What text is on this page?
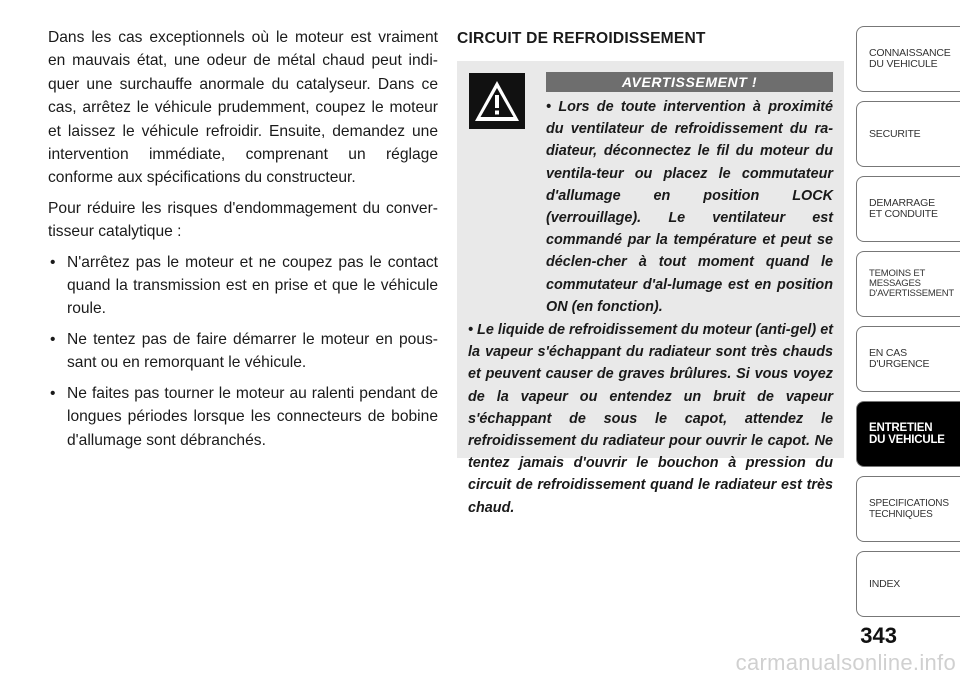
Dans les cas exceptionnels où le moteur est vraiment en mauvais état, une odeur de métal chaud peut indi-quer une surchauffe anormale du catalyseur. Dans ce cas, arrêtez le véhicule prudemment, coupez le moteur et laissez le véhicule refroidir. Ensuite, demandez une intervention immédiate, comprenant un réglage conforme aux spécifications du constructeur.

Pour réduire les risques d'endommagement du conver-tisseur catalytique :

• N'arrêtez pas le moteur et ne coupez pas le contact quand la transmission est en prise et que le véhicule roule.
• Ne tentez pas de faire démarrer le moteur en pous-sant ou en remorquant le véhicule.
• Ne faites pas tourner le moteur au ralenti pendant de longues périodes lorsque les connecteurs de bobine d'allumage sont débranchés.
CIRCUIT DE REFROIDISSEMENT
AVERTISSEMENT !

• Lors de toute intervention à proximité du ventilateur de refroidissement du ra-diateur, déconnectez le fil du moteur du ventila-teur ou placez le commutateur d'allumage en position LOCK (verrouillage). Le ventilateur est commandé par la température et peut se déclen-cher à tout moment quand le commutateur d'al-lumage est en position ON (en fonction).

• Le liquide de refroidissement du moteur (anti-gel) et la vapeur s'échappant du radiateur sont très chauds et peuvent causer de graves brûlures. Si vous voyez de la vapeur ou entendez un bruit de vapeur s'échappant de sous le capot, attendez le refroidissement du radiateur pour ouvrir le capot. Ne tentez jamais d'ouvrir le bouchon à pression du circuit de refroidissement quand le radiateur est très chaud.

CONNAISSANCE
DU VEHICULE
SECURITE
DEMARRAGE
ET CONDUITE
TEMOINS ET
MESSAGES
D'AVERTISSEMENT
EN CAS
D'URGENCE
ENTRETIEN
DU VEHICULE
SPECIFICATIONS
TECHNIQUES
INDEX
343
carmanualsonline.info
